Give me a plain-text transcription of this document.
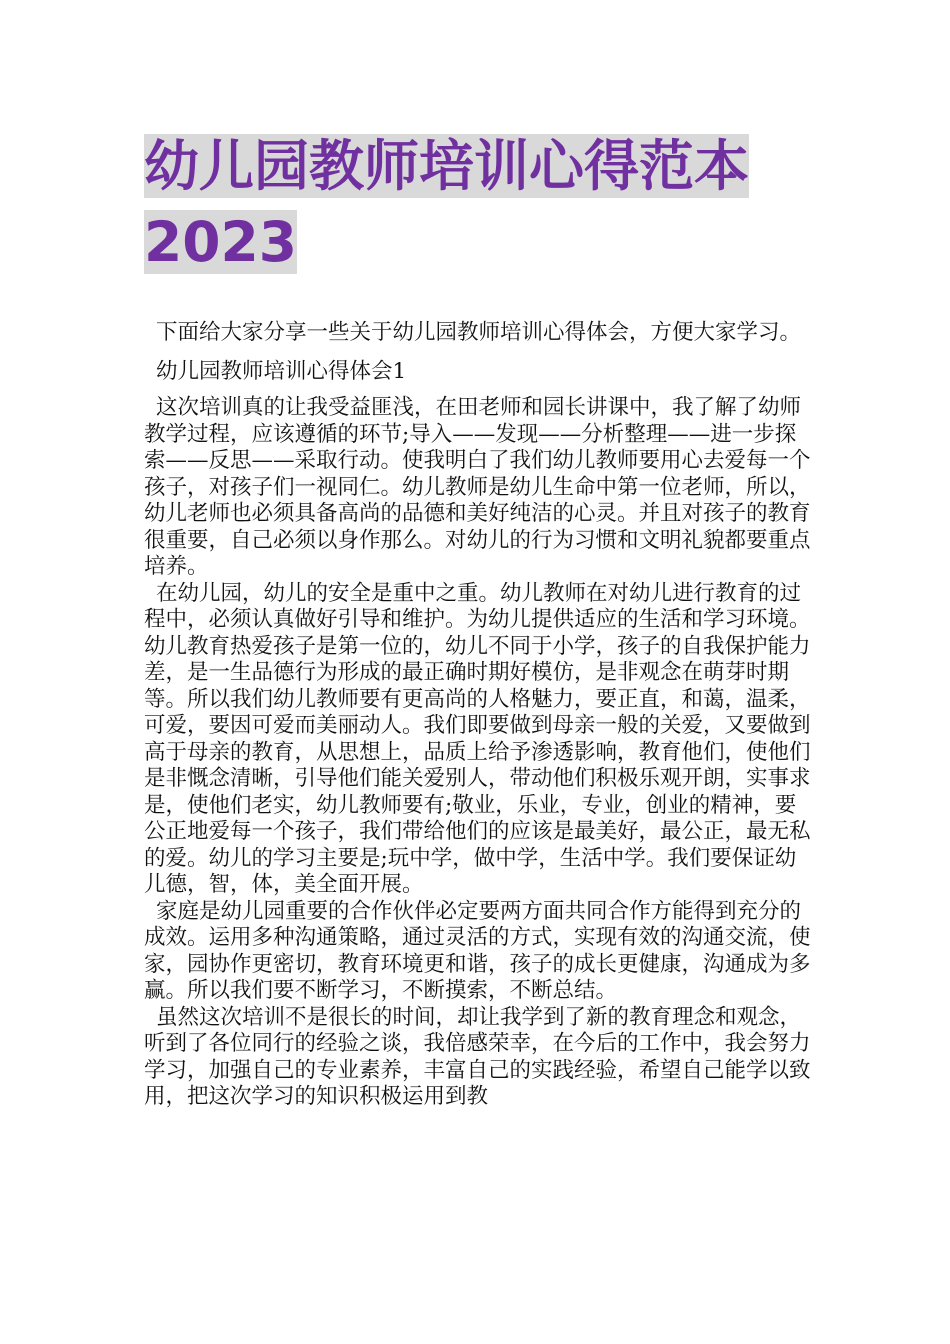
幼儿园教师培训心得范本2023

下面给大家分享一些关于幼儿园教师培训心得体会，方便大家学习。

幼儿园教师培训心得体会1

这次培训真的让我受益匪浅，在田老师和园长讲课中，我了解了幼师教学过程，应该遵循的环节;导入——发现——分析整理——进一步探索——反思——采取行动。使我明白了我们幼儿教师要用心去爱每一个孩子，对孩子们一视同仁。幼儿教师是幼儿生命中第一位老师，所以，幼儿老师也必须具备高尚的品德和美好纯洁的心灵。并且对孩子的教育很重要，自己必须以身作那么。对幼儿的行为习惯和文明礼貌都要重点培养。

在幼儿园，幼儿的安全是重中之重。幼儿教师在对幼儿进行教育的过程中，必须认真做好引导和维护。为幼儿提供适应的生活和学习环境。幼儿教育热爱孩子是第一位的，幼儿不同于小学，孩子的自我保护能力差，是一生品德行为形成的最正确时期好模仿，是非观念在萌芽时期等。所以我们幼儿教师要有更高尚的人格魅力，要正直，和蔼，温柔，可爱，要因可爱而美丽动人。我们即要做到母亲一般的关爱，又要做到高于母亲的教育，从思想上，品质上给予渗透影响，教育他们，使他们是非慨念清晰，引导他们能关爱别人，带动他们积极乐观开朗，实事求是，使他们老实，幼儿教师要有;敬业，乐业，专业，创业的精神，要公正地爱每一个孩子，我们带给他们的应该是最美好，最公正，最无私的爱。幼儿的学习主要是;玩中学，做中学，生活中学。我们要保证幼儿德，智，体，美全面开展。

家庭是幼儿园重要的合作伙伴必定要两方面共同合作方能得到充分的成效。运用多种沟通策略，通过灵活的方式，实现有效的沟通交流，使家，园协作更密切，教育环境更和谐，孩子的成长更健康，沟通成为多赢。所以我们要不断学习，不断摸索，不断总结。

虽然这次培训不是很长的时间，却让我学到了新的教育理念和观念，听到了各位同行的经验之谈，我倍感荣幸，在今后的工作中，我会努力学习，加强自己的专业素养，丰富自己的实践经验，希望自己能学以致用，把这次学习的知识积极运用到教
